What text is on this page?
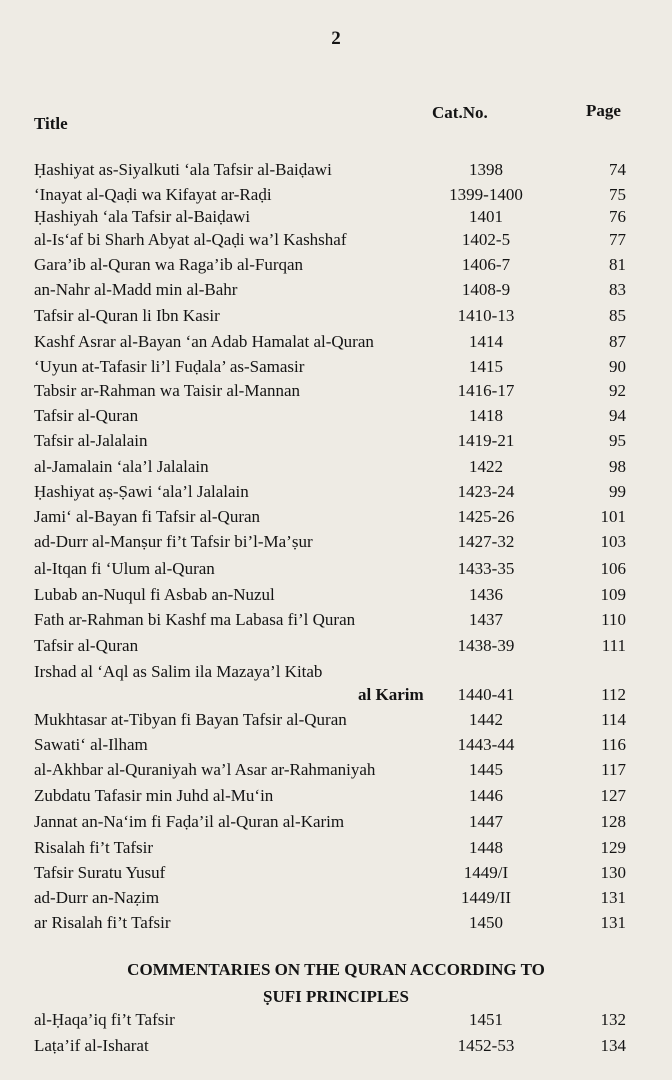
2
Title
Cat.No.	Page
Ḥashiyat as-Siyalkuti ‘ala Tafsir al-Baiḍawi	1398	74
‘Inayat al-Qaḍi wa Kifayat ar-Raḍi	1399-1400	75
Ḥashiyah ‘ala Tafsir al-Baiḍawi	1401	76
al-Is‘af bi Sharh Abyat al-Qaḍi wa’l Kashshaf	1402-5	77
Gara’ib al-Quran wa Raga’ib al-Furqan	1406-7	81
an-Nahr al-Madd min al-Bahr	1408-9	83
Tafsir al-Quran li Ibn Kasir	1410-13	85
Kashf Asrar al-Bayan ‘an Adab Hamalat al-Quran	1414	87
‘Uyun at-Tafasir li’l Fuḍala’ as-Samasir	1415	90
Tabsir ar-Rahman wa Taisir al-Mannan	1416-17	92
Tafsir al-Quran	1418	94
Tafsir al-Jalalain	1419-21	95
al-Jamalain ‘ala’l Jalalain	1422	98
Ḥashiyat aṣ-Ṣawi ‘ala’l Jalalain	1423-24	99
Jami‘ al-Bayan fi Tafsir al-Quran	1425-26	101
ad-Durr al-Manṣur fi’t Tafsir bi’l-Ma’ṣur	1427-32	103
al-Itqan fi ‘Ulum al-Quran	1433-35	106
Lubab an-Nuqul fi Asbab an-Nuzul	1436	109
Fath ar-Rahman bi Kashf ma Labasa fi’l Quran	1437	110
Tafsir al-Quran	1438-39	111
Irshad al ‘Aql as Salim ila Mazaya’l Kitab
al Karim	1440-41	112
Mukhtasar at-Tibyan fi Bayan Tafsir al-Quran	1442	114
Sawati‘ al-Ilham	1443-44	116
al-Akhbar al-Quraniyah wa’l Asar ar-Rahmaniyah	1445	117
Zubdatu Tafasir min Juhd al-Mu‘in	1446	127
Jannat an-Na‘im fi Faḍa’il al-Quran al-Karim	1447	128
Risalah fi’t Tafsir	1448	129
Tafsir Suratu Yusuf	1449/I	130
ad-Durr an-Naẓim	1449/II	131
ar Risalah fi’t Tafsir	1450	131
COMMENTARIES ON THE QURAN ACCORDING TO
ṢUFI PRINCIPLES
al-Ḥaqa’iq fi’t Tafsir	1451	132
Laṭa’if al-Isharat	1452-53	134
